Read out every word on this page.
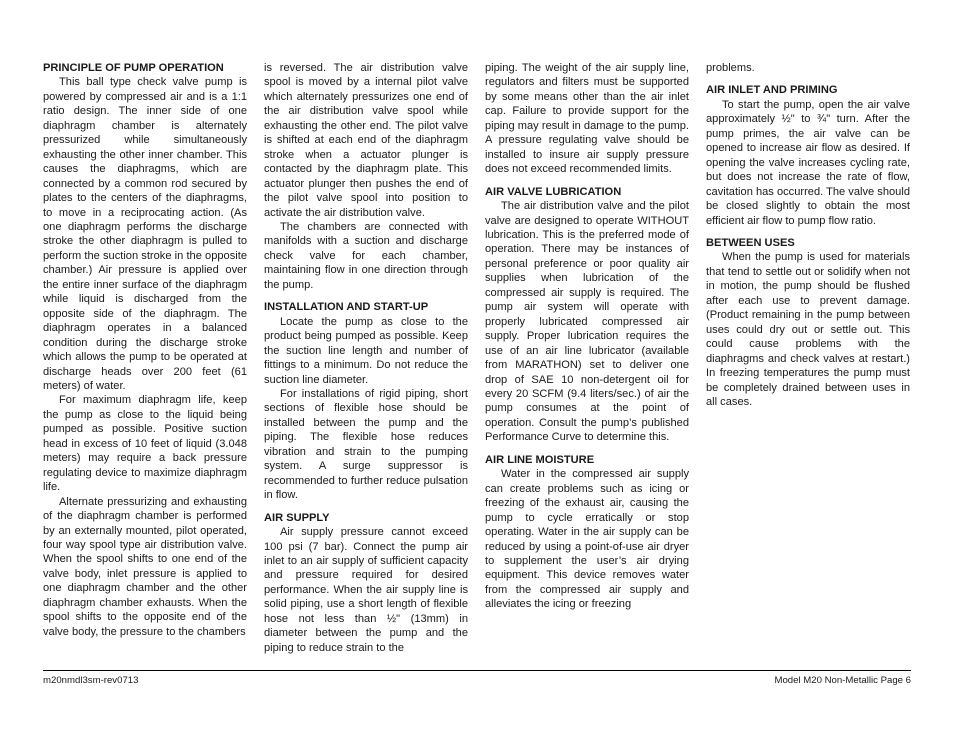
PRINCIPLE OF PUMP OPERATION

This ball type check valve pump is powered by compressed air and is a 1:1 ratio design. The inner side of one diaphragm chamber is alternately pressurized while simultaneously exhausting the other inner chamber. This causes the diaphragms, which are connected by a common rod secured by plates to the centers of the diaphragms, to move in a reciprocating action. (As one diaphragm performs the discharge stroke the other diaphragm is pulled to perform the suction stroke in the opposite chamber.) Air pressure is applied over the entire inner surface of the diaphragm while liquid is discharged from the opposite side of the diaphragm. The diaphragm operates in a balanced condition during the discharge stroke which allows the pump to be operated at discharge heads over 200 feet (61 meters) of water.

For maximum diaphragm life, keep the pump as close to the liquid being pumped as possible. Positive suction head in excess of 10 feet of liquid (3.048 meters) may require a back pressure regulating device to maximize diaphragm life.

Alternate pressurizing and exhausting of the diaphragm chamber is performed by an externally mounted, pilot operated, four way spool type air distribution valve. When the spool shifts to one end of the valve body, inlet pressure is applied to one diaphragm chamber and the other diaphragm chamber exhausts. When the spool shifts to the opposite end of the valve body, the pressure to the chambers

is reversed. The air distribution valve spool is moved by a internal pilot valve which alternately pressurizes one end of the air distribution valve spool while exhausting the other end. The pilot valve is shifted at each end of the diaphragm stroke when a actuator plunger is contacted by the diaphragm plate. This actuator plunger then pushes the end of the pilot valve spool into position to activate the air distribution valve.

The chambers are connected with manifolds with a suction and discharge check valve for each chamber, maintaining flow in one direction through the pump.

INSTALLATION AND START-UP

Locate the pump as close to the product being pumped as possible. Keep the suction line length and number of fittings to a minimum. Do not reduce the suction line diameter.

For installations of rigid piping, short sections of flexible hose should be installed between the pump and the piping. The flexible hose reduces vibration and strain to the pumping system. A surge suppressor is recommended to further reduce pulsation in flow.

AIR SUPPLY

Air supply pressure cannot exceed 100 psi (7 bar). Connect the pump air inlet to an air supply of sufficient capacity and pressure required for desired performance. When the air supply line is solid piping, use a short length of flexible hose not less than ½" (13mm) in diameter between the pump and the piping to reduce strain to the

piping. The weight of the air supply line, regulators and filters must be supported by some means other than the air inlet cap. Failure to provide support for the piping may result in damage to the pump. A pressure regulating valve should be installed to insure air supply pressure does not exceed recommended limits.

AIR VALVE LUBRICATION

The air distribution valve and the pilot valve are designed to operate WITHOUT lubrication. This is the preferred mode of operation. There may be instances of personal preference or poor quality air supplies when lubrication of the compressed air supply is required. The pump air system will operate with properly lubricated compressed air supply. Proper lubrication requires the use of an air line lubricator (available from MARATHON) set to deliver one drop of SAE 10 non-detergent oil for every 20 SCFM (9.4 liters/sec.) of air the pump consumes at the point of operation. Consult the pump’s published Performance Curve to determine this.

AIR LINE MOISTURE

Water in the compressed air supply can create problems such as icing or freezing of the exhaust air, causing the pump to cycle erratically or stop operating. Water in the air supply can be reduced by using a point-of-use air dryer to supplement the user’s air drying equipment. This device removes water from the compressed air supply and alleviates the icing or freezing

problems.

AIR INLET AND PRIMING

To start the pump, open the air valve approximately ½" to ¾" turn. After the pump primes, the air valve can be opened to increase air flow as desired. If opening the valve increases cycling rate, but does not increase the rate of flow, cavitation has occurred. The valve should be closed slightly to obtain the most efficient air flow to pump flow ratio.

BETWEEN USES

When the pump is used for materials that tend to settle out or solidify when not in motion, the pump should be flushed after each use to prevent damage. (Product remaining in the pump between uses could dry out or settle out. This could cause problems with the diaphragms and check valves at restart.) In freezing temperatures the pump must be completely drained between uses in all cases.

m20nmdl3sm-rev0713	Model M20 Non-Metallic Page 6
